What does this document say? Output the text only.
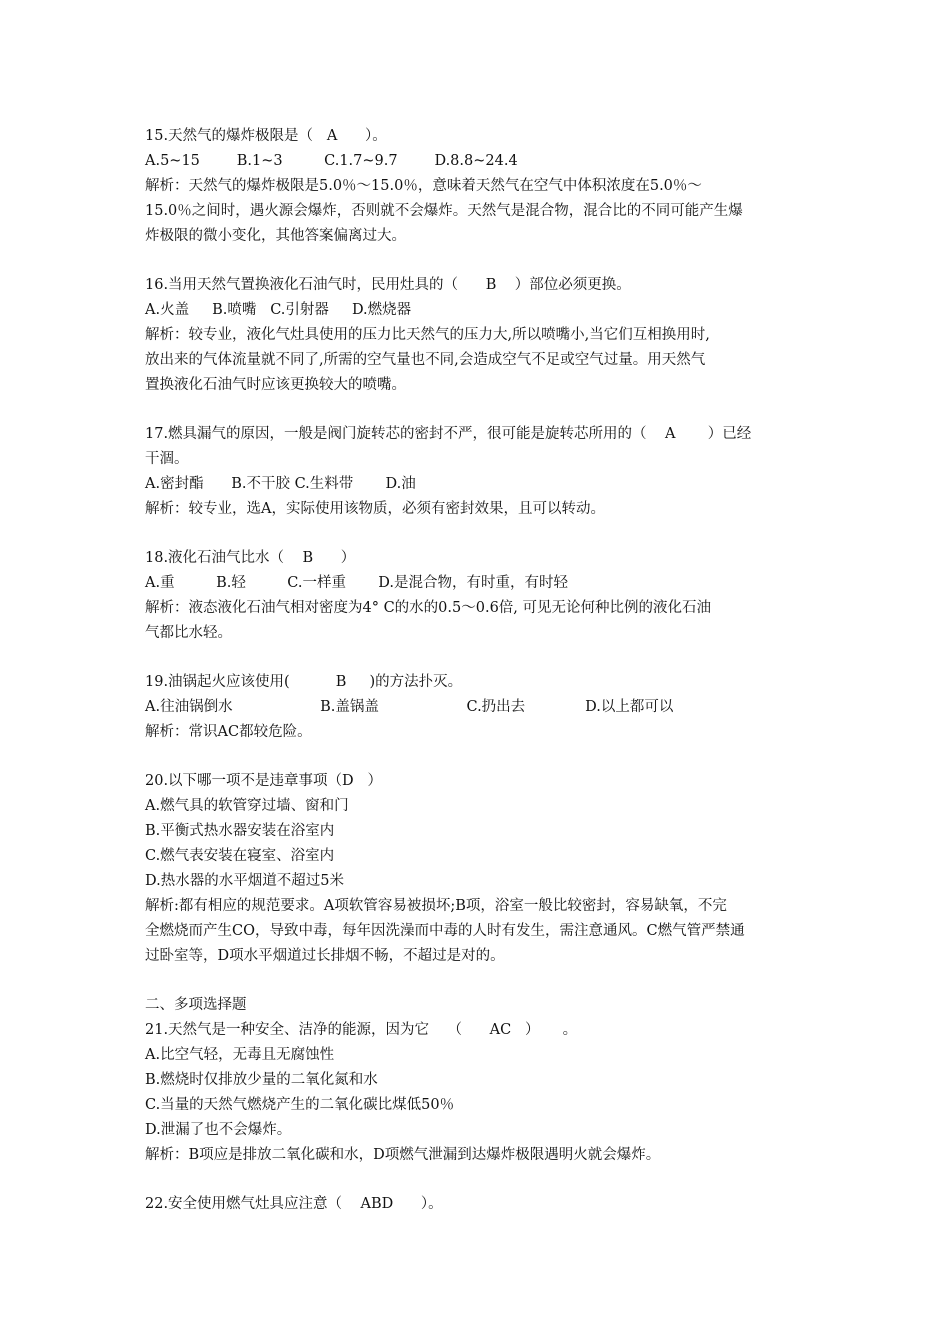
15.天然气的爆炸极限是（   A      ）。
A.5~15        B.1~3         C.1.7~9.7        D.8.8~24.4
解析：天然气的爆炸极限是5.0％～15.0％，意味着天然气在空气中体积浓度在5.0％～
15.0％之间时，遇火源会爆炸，否则就不会爆炸。天然气是混合物，混合比的不同可能产生爆
炸极限的微小变化，其他答案偏离过大。
16.当用天然气置换液化石油气时，民用灶具的（      B    ）部位必须更换。
A.火盖     B.喷嘴   C.引射器     D.燃烧器
解析：较专业，液化气灶具使用的压力比天然气的压力大,所以喷嘴小,当它们互相换用时,
放出来的气体流量就不同了,所需的空气量也不同,会造成空气不足或空气过量。用天然气
置换液化石油气时应该更换较大的喷嘴。
17.燃具漏气的原因，一般是阀门旋转芯的密封不严，很可能是旋转芯所用的（    A       ）已经
干涸。
A.密封酯      B.不干胶 C.生料带       D.油
解析：较专业，选A，实际使用该物质，必须有密封效果，且可以转动。
18.液化石油气比水（    B      ）
A.重         B.轻         C.一样重       D.是混合物，有时重，有时轻
解析：液态液化石油气相对密度为4° C的水的0.5～0.6倍, 可见无论何种比例的液化石油
气都比水轻。
19.油锅起火应该使用(          B     )的方法扑灭。
A.往油锅倒水                   B.盖锅盖                   C.扔出去             D.以上都可以
解析：常识AC都较危险。
20.以下哪一项不是违章事项（D   ）
A.燃气具的软管穿过墙、窗和门
B.平衡式热水器安装在浴室内
C.燃气表安装在寝室、浴室内
D.热水器的水平烟道不超过5米
解析:都有相应的规范要求。A项软管容易被损坏;B项，浴室一般比较密封，容易缺氧，不完
全燃烧而产生CO，导致中毒，每年因洗澡而中毒的人时有发生，需注意通风。C燃气管严禁通
过卧室等，D项水平烟道过长排烟不畅，不超过是对的。
二、多项选择题
21.天然气是一种安全、洁净的能源，因为它    （      AC   ）     。
A.比空气轻，无毒且无腐蚀性
B.燃烧时仅排放少量的二氧化氮和水
C.当量的天然气燃烧产生的二氧化碳比煤低50％
D.泄漏了也不会爆炸。
解析：B项应是排放二氧化碳和水，D项燃气泄漏到达爆炸极限遇明火就会爆炸。
22.安全使用燃气灶具应注意（    ABD      ）。
